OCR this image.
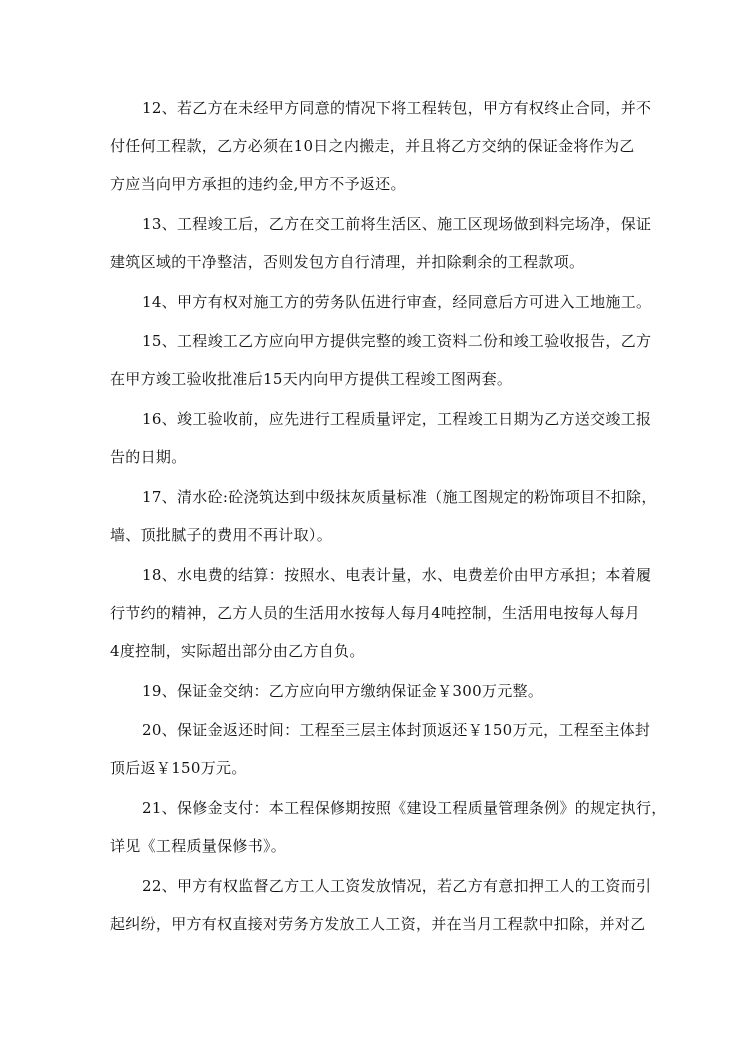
12、若乙方在未经甲方同意的情况下将工程转包，甲方有权终止合同，并不
付任何工程款，乙方必须在10日之内搬走，并且将乙方交纳的保证金将作为乙
方应当向甲方承担的违约金,甲方不予返还。
13、工程竣工后，乙方在交工前将生活区、施工区现场做到料完场净，保证
建筑区域的干净整洁，否则发包方自行清理，并扣除剩余的工程款项。
14、甲方有权对施工方的劳务队伍进行审查，经同意后方可进入工地施工。
15、工程竣工乙方应向甲方提供完整的竣工资料二份和竣工验收报告，乙方
在甲方竣工验收批准后15天内向甲方提供工程竣工图两套。
16、竣工验收前，应先进行工程质量评定，工程竣工日期为乙方送交竣工报
告的日期。
17、清水砼:砼浇筑达到中级抹灰质量标准（施工图规定的粉饰项目不扣除，
墙、顶批腻子的费用不再计取）。
18、水电费的结算：按照水、电表计量，水、电费差价由甲方承担；本着履
行节约的精神，乙方人员的生活用水按每人每月4吨控制，生活用电按每人每月
4度控制，实际超出部分由乙方自负。
19、保证金交纳：乙方应向甲方缴纳保证金￥300万元整。
20、保证金返还时间：工程至三层主体封顶返还￥150万元，工程至主体封
顶后返￥150万元。
21、保修金支付：本工程保修期按照《建设工程质量管理条例》的规定执行，
详见《工程质量保修书》。
22、甲方有权监督乙方工人工资发放情况，若乙方有意扣押工人的工资而引
起纠纷，甲方有权直接对劳务方发放工人工资，并在当月工程款中扣除，并对乙
